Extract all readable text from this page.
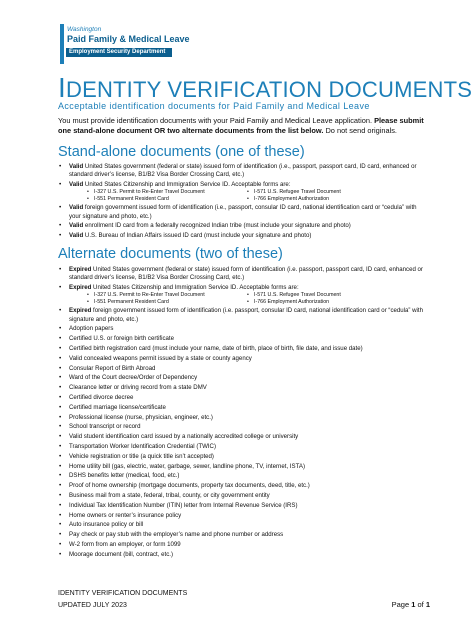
Washington
Paid Family & Medical Leave
Employment Security Department
IDENTITY VERIFICATION DOCUMENTS
Acceptable identification documents for Paid Family and Medical Leave
You must provide identification documents with your Paid Family and Medical Leave application. Please submit one stand-alone document OR two alternate documents from the list below. Do not send originals.
Stand-alone documents (one of these)
• Valid United States government (federal or state) issued form of identification (i.e., passport, passport card, ID card, enhanced or standard driver’s license, B1/B2 Visa Border Crossing Card, etc.)
• Valid United States Citizenship and Immigration Service ID. Acceptable forms are:
• I-327 U.S. Permit to Re-Enter Travel Document	• I-571 U.S. Refugee Travel Document
• I-551 Permanent Resident Card	• I-766 Employment Authorization
• Valid foreign government issued form of identification (i.e., passport, consular ID card, national identification card or “cedula” with your signature and photo, etc.)
• Valid enrollment ID card from a federally recognized Indian tribe (must include your signature and photo)
• Valid U.S. Bureau of Indian Affairs issued ID card (must include your signature and photo)
Alternate documents (two of these)
• Expired United States government (federal or state) issued form of identification (i.e. passport, passport card, ID card, enhanced or standard driver’s license, B1/B2 Visa Border Crossing Card, etc.)
• Expired United States Citizenship and Immigration Service ID. Acceptable forms are:
• I-327 U.S. Permit to Re-Enter Travel Document	• I-571 U.S. Refugee Travel Document
• I-551 Permanent Resident Card	• I-766 Employment Authorization
• Expired foreign government issued form of identification (i.e. passport, consular ID card, national identification card or “cedula” with signature and photo, etc.)
• Adoption papers
• Certified U.S. or foreign birth certificate
• Certified birth registration card (must include your name, date of birth, place of birth, file date, and issue date)
• Valid concealed weapons permit issued by a state or county agency
• Consular Report of Birth Abroad
• Ward of the Court decree/Order of Dependency
• Clearance letter or driving record from a state DMV
• Certified divorce decree
• Certified marriage license/certificate
• Professional license (nurse, physician, engineer, etc.)
• School transcript or record
• Valid student identification card issued by a nationally accredited college or university
• Transportation Worker Identification Credential (TWIC)
• Vehicle registration or title (a quick title isn’t accepted)
• Home utility bill (gas, electric, water, garbage, sewer, landline phone, TV, internet, ISTA)
• DSHS benefits letter (medical, food, etc.)
• Proof of home ownership (mortgage documents, property tax documents, deed, title, etc.)
• Business mail from a state, federal, tribal, county, or city government entity
• Individual Tax Identification Number (ITIN) letter from Internal Revenue Service (IRS)
• Home owners or renter’s insurance policy
• Auto insurance policy or bill
• Pay check or pay stub with the employer’s name and phone number or address
• W-2 form from an employer, or form 1099
• Moorage document (bill, contract, etc.)
IDENTITY VERIFICATION DOCUMENTS
UPDATED JULY 2023	Page 1 of 1
